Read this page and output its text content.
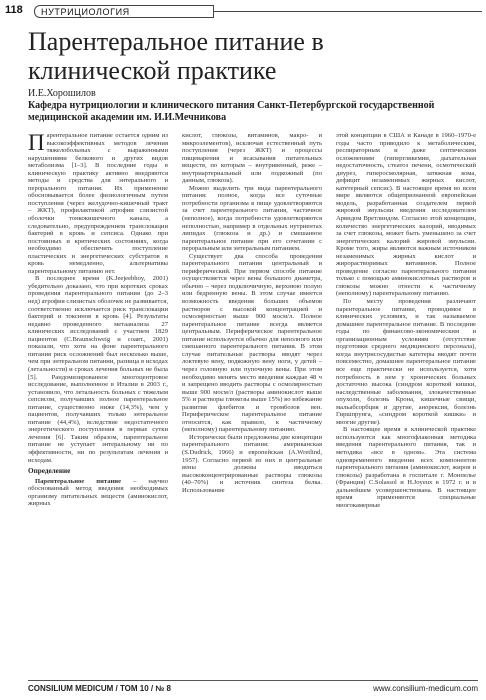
118	НУТРИЦИОЛОГИЯ
Парентеральное питание в клинической практике
И.Е.Хорошилов
Кафедра нутрициологии и клинического питания Санкт-Петербургской государственной медицинской академии им. И.И.Мечникова

Парентеральное питание остается одним из высокоэффективных методов лечения тяжелобольных с выраженными нарушениями белкового и других видов метаболизма [1–3]. В последние годы в клиническую практику активно внедряются методы и средства для энтерального и перорального питания. Их применение обосновывается более физиологичным путем поступления (через желудочно-кишечный тракт – ЖКТ), профилактикой атрофии слизистой оболочки тонкокишечного канала, а следовательно, предупреждением транслокации бактерий в кровь и сепсиса. Однако при постоянных и критических состояниях, когда необходимо обеспечить поступление пластических и энергетических субстратов в кровь немедленно, альтернативы парентеральному питанию нет.

В последнее время (K.Jeejeebhoy, 2001) убедительно доказано, что при коротких сроках проведения парентерального питания (до 2–3 нед) атрофия слизистых оболочек не развивается, соответственно исключается риск транслокации бактерий и токсинов в кровь [4]. Результаты недавно проведенного метаанализа 27 клинических исследований с участием 1829 пациентов (C.Braunschweig и соавт., 2001) показали, что хотя на фоне парентерального питания риск осложнений был несколько выше, чем при энтеральном питании, разница в исходах (летальности) и сроках лечения больных не была [5]. Рандомизированное многоцентровое исследование, выполненное в Италии в 2003 г., установило, что летальность больных с тяжелым сепсисом, получавших полное парентеральное питание, существенно ниже (14,3%), чем у пациентов, получавших только энтеральное питание (44,4%), вследствие недостаточного энергетического поступления в первые сутки лечения [6]. Таким образом, парентеральное питание не уступает энтеральному ни по эффективности, ни по результатам лечения и исходам.

Определение

Парентеральное питание – научно обоснованный метод введения необходимых организму питательных веществ (аминокислот, жирных

кислот, глюкозы, витаминов, макро- и микроэлементов), исключая естественный путь поступления (через ЖКТ) и процессы пищеварения и всасывания питательных веществ, по которым – внутривенный, реже – внутриартериальный или подкожный (по данным, глюкоза).

Можно выделить три вида парентерального питания: полное, когда все суточные потребности организма в пище удовлетворяются за счет парентерального питания, частичное (неполное), когда потребности удовлетворяются неполностью, например в отдельных нутриентах липидах (глюкоза и др.) и смешанное парентеральное питание при его сочетании с пероральным или энтеральным питанием.

Существует два способа проведения парентерального питания центральный и периферический. При первом способе питание осуществляется через вены большого диаметра, обычно – через подключичную, верхнюю полую или бедренную вены. В этом случае имеется возможность введения больших объемов растворов с высокой концентрацией и осмолярностью выше 900 мосм/л. Полное парентеральное питание всегда является центральным. Периферическое парентеральное питание используется обычно для неполного или смешанного парентерального питания. В этом случае питательные растворы вводят через локтевую вену, подкожную вену ноги, у детей – через головную или пупочную вены. При этом необходимо менять место введения каждые 48 ч и запрещено вводить растворы с осмолярностью выше 900 мосм/л (растворы аминокислот выше 5% и растворы глюкозы выше 15%) во избежание развития флебитов и тромбозов вен. Периферическое парентеральное питание относится, как правило, к частичному (неполному) парентеральному питанию.

Исторически были предложены две концепции парентерального питания: американская (S.Dudrick, 1966) и европейская (A.Wretlind, 1957). Согласно первой из них в центральные вены должны вводиться высококонцентрированные растворы глюкозы (40–70%) и источник синтеза белка. Использование

этой концепции в США и Канаде в 1960–1970-е годы часто приводило к метаболическим, респираторным и даже септическим осложнениям (гипергликемии, дыхательная недостаточность, стеатоз печени, осмотический диурез, гиперосмолярная, затяжная кома, дефицит незаменимых жирных кислот, катетерный сепсис). В настоящее время во всем мире являются общепризнанной европейская модель, разработанная создателем первой жировой эмульсии введения исследователем Арвидом Вретлиндом. Согласно этой концепции, количество энергетических калорий, вводимых за счет глюкозы, может быть уменьшено за счет энергетических калорий жировой эмульсии. Кроме того, жиры являются важным источником незаменимых жирных кислот и жирорастворимых витаминов. Полное проведение согласно парентерального питания только с помощью аминокислотных растворов и глюкозы можно отнести к частичному (неполному) парентеральному питанию.

По месту проведения различают парентеральное питание, проводимое в клинических условиях, и так называемое домашнее парентеральное питание. В последние годы по финансово-экономическим и организационным условиям (отсутствие подготовки среднего медицинского персонала), когда внутрисосудистые катетеры вводят почти повсеместно, домашнее парентеральное питание все еще практически не используется, хотя потребность в нем у хронических больных достаточно высока (синдром короткой кишки, наследственные заболевания, злокачественные опухоли, болезнь Крона, кишечные свищи, мальабсорбция и другие, анорексия, болезнь Гиршпрунга, «синдром короткой кишки» и многие другие).

В настоящее время в клинической практике используются как многофлаконная методика введения парентерального питания, так и методика «все в одном». Эта система одновременного введения всех компонентов парентерального питания (аминокислот, жиров и глюкозы) разработана в госпитале г. Монпелье (Франция) C.Solassol и H.Joyeux в 1972 г. и в дальнейшем усовершенствована. В настоящее время применяются специальные многокамерные

CONSILIUM MEDICUM / ТОМ 10 / № 8	www.consilium-medicum.com
